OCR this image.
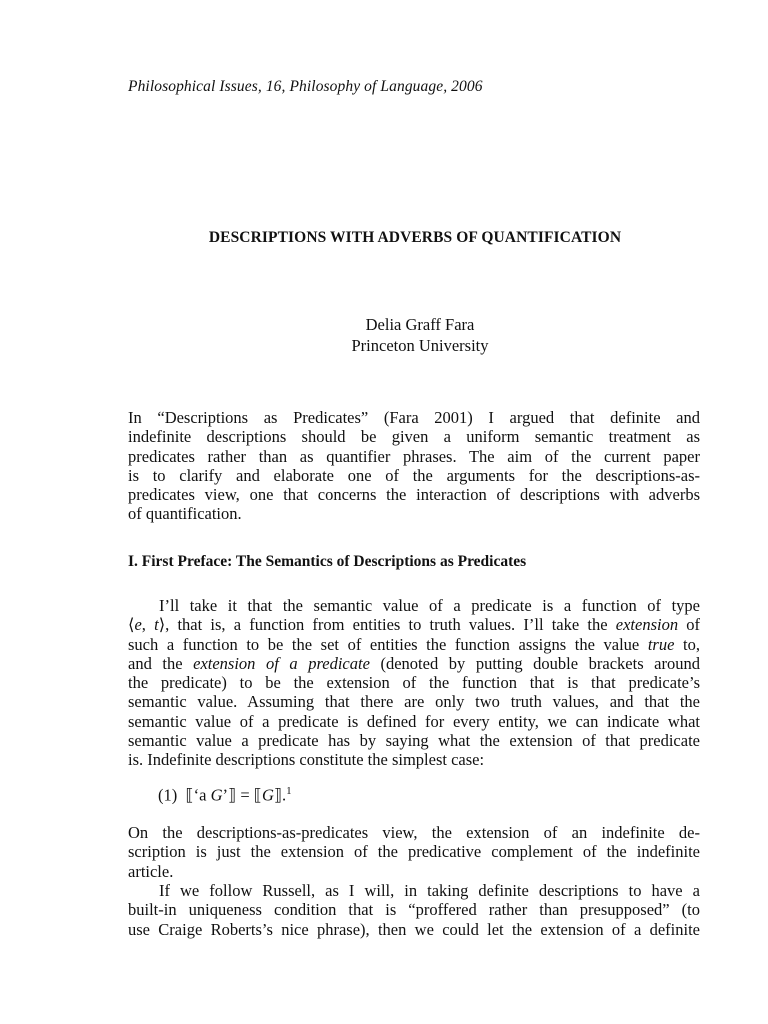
Philosophical Issues, 16, Philosophy of Language, 2006
DESCRIPTIONS WITH ADVERBS OF QUANTIFICATION
Delia Graff Fara
Princeton University
In “Descriptions as Predicates” (Fara 2001) I argued that definite and
indefinite descriptions should be given a uniform semantic treatment as
predicates rather than as quantifier phrases. The aim of the current paper
is to clarify and elaborate one of the arguments for the descriptions-as-
predicates view, one that concerns the interaction of descriptions with adverbs
of quantification.
I. First Preface: The Semantics of Descriptions as Predicates
I’ll take it that the semantic value of a predicate is a function of type
⟨e, t⟩, that is, a function from entities to truth values. I’ll take the extension of
such a function to be the set of entities the function assigns the value true to,
and the extension of a predicate (denoted by putting double brackets around
the predicate) to be the extension of the function that is that predicate’s
semantic value. Assuming that there are only two truth values, and that the
semantic value of a predicate is defined for every entity, we can indicate what
semantic value a predicate has by saying what the extension of that predicate
is. Indefinite descriptions constitute the simplest case:
(1) ⟦‘a G’⟧ = ⟦G⟧.$^1$
On the descriptions-as-predicates view, the extension of an indefinite de-
scription is just the extension of the predicative complement of the indefinite
article.
If we follow Russell, as I will, in taking definite descriptions to have a
built-in uniqueness condition that is “proffered rather than presupposed” (to
use Craige Roberts’s nice phrase), then we could let the extension of a definite
